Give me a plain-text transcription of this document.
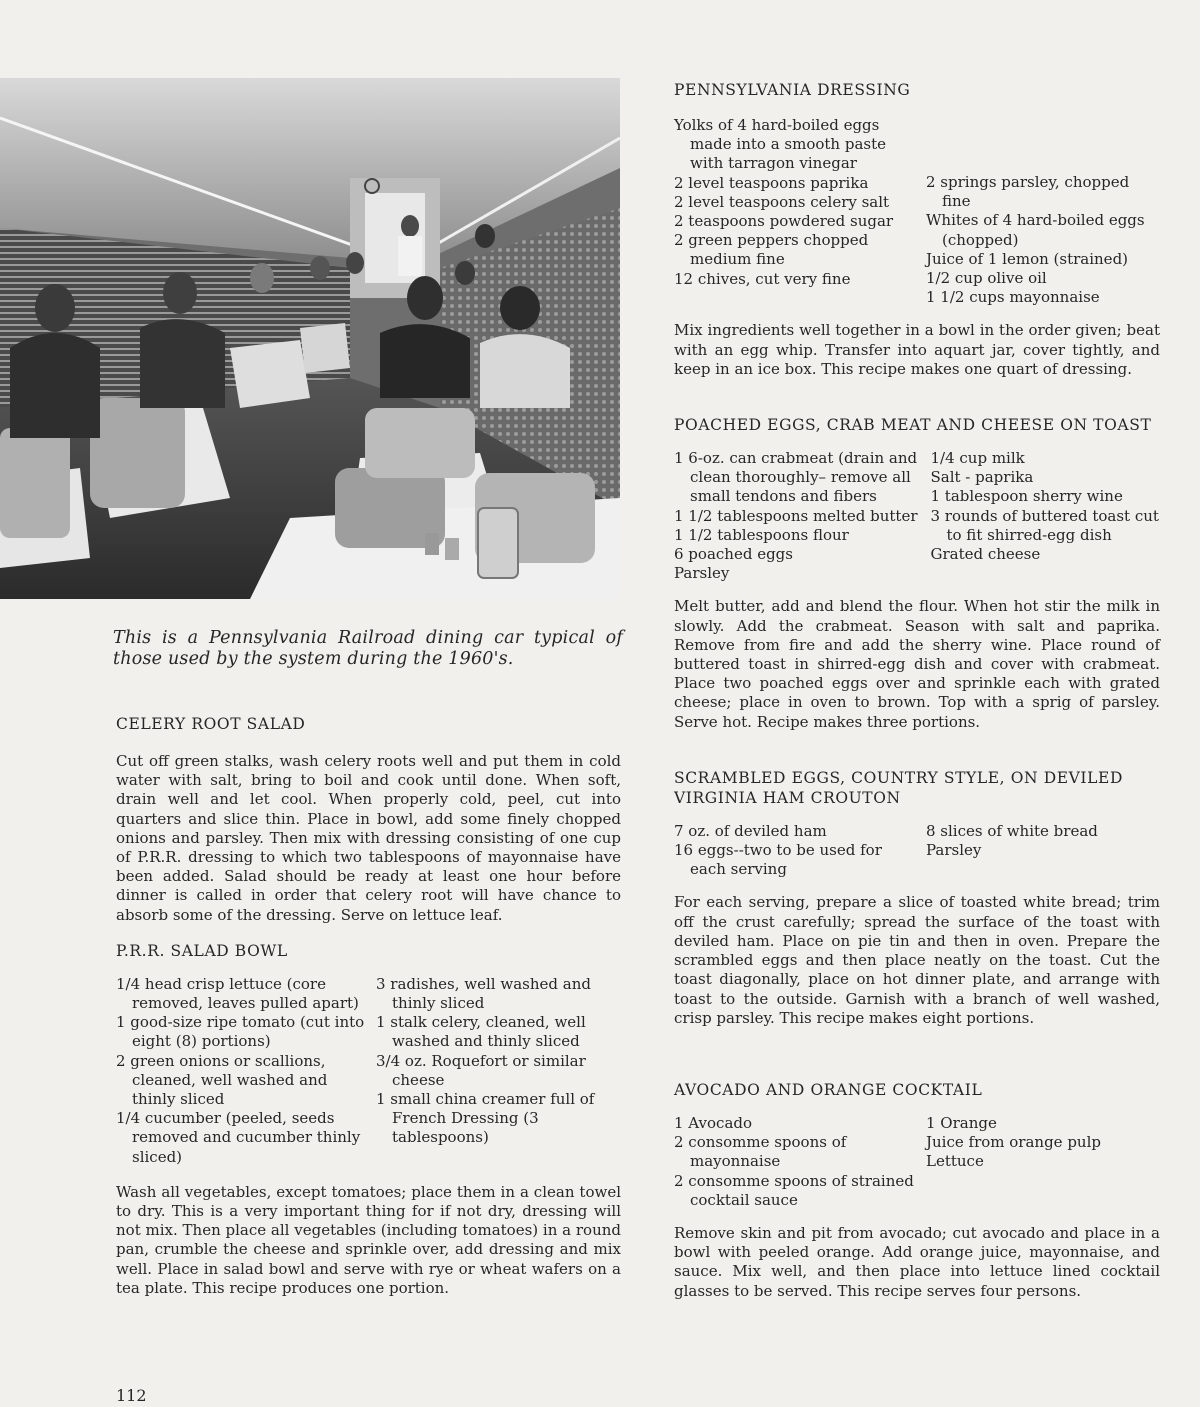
This is a Pennsylvania Railroad dining car typical of those used by the system during the 1960's.
CELERY ROOT SALAD

Cut off green stalks, wash celery roots well and put them in cold water with salt, bring to boil and cook until done. When soft, drain well and let cool. When properly cold, peel, cut into quarters and slice thin. Place in bowl, add some finely chopped onions and parsley. Then mix with dressing consisting of one cup of P.R.R. dressing to which two tablespoons of mayonnaise have been added. Salad should be ready at least one hour before dinner is called in order that celery root will have chance to absorb some of the dressing. Serve on lettuce leaf.

P.R.R. SALAD BOWL
1/4 head crisp lettuce (core removed, leaves pulled apart)
1 good-size ripe tomato (cut into eight (8) portions)
2 green onions or scallions, cleaned, well washed and thinly sliced
1/4 cucumber (peeled, seeds removed and cucumber thinly sliced)
3 radishes, well washed and thinly sliced
1 stalk celery, cleaned, well washed and thinly sliced
3/4 oz. Roquefort or similar cheese
1 small china creamer full of French Dressing (3 tablespoons)

Wash all vegetables, except tomatoes; place them in a clean towel to dry. This is a very important thing for if not dry, dressing will not mix. Then place all vegetables (including tomatoes) in a round pan, crumble the cheese and sprinkle over, add dressing and mix well. Place in salad bowl and serve with rye or wheat wafers on a tea plate. This recipe produces one portion.

PENNSYLVANIA DRESSING
Yolks of 4 hard-boiled eggs made into a smooth paste with tarragon vinegar
2 level teaspoons paprika
2 level teaspoons celery salt
2 teaspoons powdered sugar
2 green peppers chopped medium fine
12 chives, cut very fine
2 springs parsley, chopped fine
Whites of 4 hard-boiled eggs (chopped)
Juice of 1 lemon (strained)
1/2 cup olive oil
1 1/2 cups mayonnaise

Mix ingredients well together in a bowl in the order given; beat with an egg whip. Transfer into aquart jar, cover tightly, and keep in an ice box. This recipe makes one quart of dressing.

POACHED EGGS, CRAB MEAT AND CHEESE ON TOAST
1 6-oz. can crabmeat (drain and clean thoroughly– remove all small tendons and fibers
1 1/2 tablespoons melted butter
1 1/2 tablespoons flour
6 poached eggs
Parsley
1/4 cup milk
Salt - paprika
1 tablespoon sherry wine
3 rounds of buttered toast cut to fit shirred-egg dish
Grated cheese

Melt butter, add and blend the flour. When hot stir the milk in slowly. Add the crabmeat. Season with salt and paprika. Remove from fire and add the sherry wine. Place round of buttered toast in shirred-egg dish and cover with crabmeat. Place two poached eggs over and sprinkle each with grated cheese; place in oven to brown. Top with a sprig of parsley. Serve hot. Recipe makes three portions.

SCRAMBLED EGGS, COUNTRY STYLE, ON DEVILED VIRGINIA HAM CROUTON
7 oz. of deviled ham
16 eggs--two to be used for each serving
8 slices of white bread
Parsley

For each serving, prepare a slice of toasted white bread; trim off the crust carefully; spread the surface of the toast with deviled ham. Place on pie tin and then in oven. Prepare the scrambled eggs and then place neatly on the toast. Cut the toast diagonally, place on hot dinner plate, and arrange with toast to the outside. Garnish with a branch of well washed, crisp parsley. This recipe makes eight portions.

AVOCADO AND ORANGE COCKTAIL
1 Avocado
2 consomme spoons of mayonnaise
2 consomme spoons of strained cocktail sauce
1 Orange
Juice from orange pulp
Lettuce

Remove skin and pit from avocado; cut avocado and place in a bowl with peeled orange. Add orange juice, mayonnaise, and sauce. Mix well, and then place into lettuce lined cocktail glasses to be served. This recipe serves four persons.

112
